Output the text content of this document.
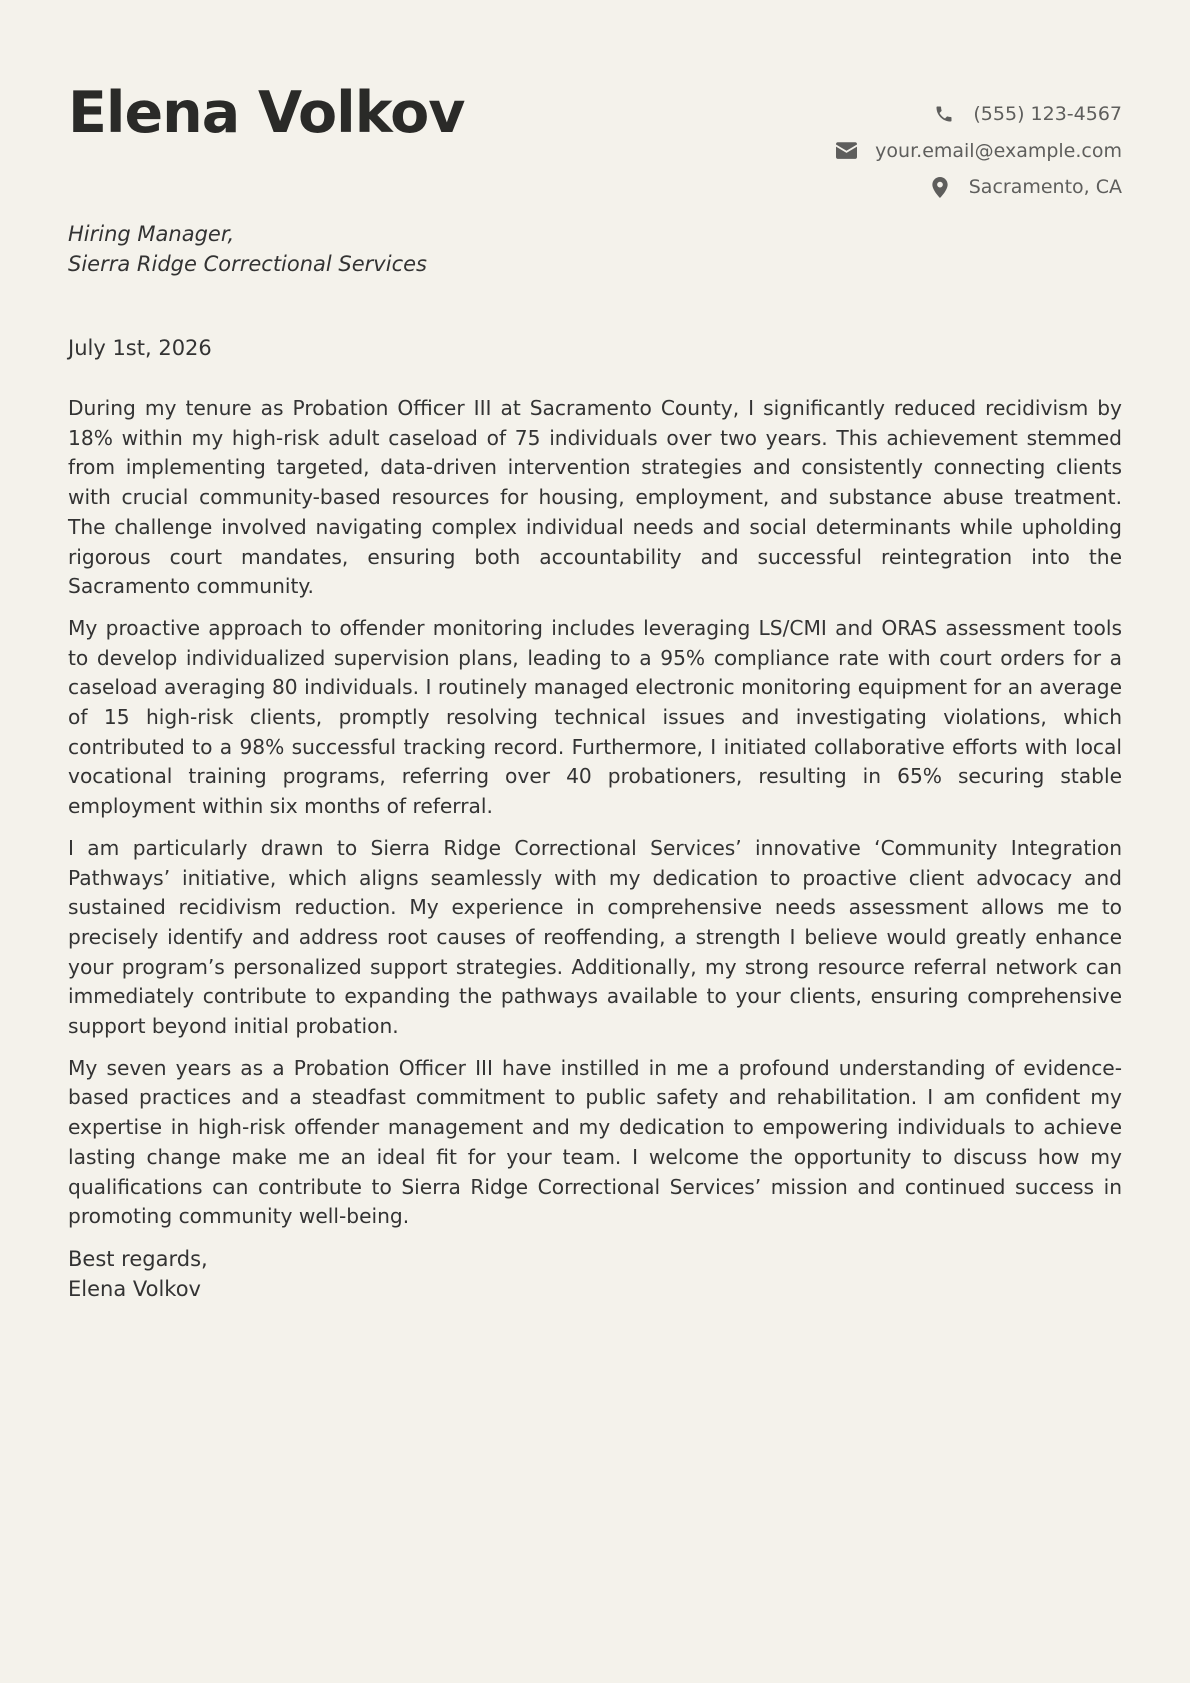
Elena Volkov	(555) 123-4567
your.email@example.com
Sacramento, CA
Hiring Manager,
Sierra Ridge Correctional Services
July 1st, 2026

During my tenure as Probation Officer III at Sacramento County, I significantly reduced recidivism by 18% within my high-risk adult caseload of 75 individuals over two years. This achievement stemmed from implementing targeted, data-driven intervention strategies and consistently connecting clients with crucial community-based resources for housing, employment, and substance abuse treatment. The challenge involved navigating complex individual needs and social determinants while upholding rigorous court mandates, ensuring both accountability and successful reintegration into the Sacramento community.

My proactive approach to offender monitoring includes leveraging LS/CMI and ORAS assessment tools to develop individualized supervision plans, leading to a 95% compliance rate with court orders for a caseload averaging 80 individuals. I routinely managed electronic monitoring equipment for an average of 15 high-risk clients, promptly resolving technical issues and investigating violations, which contributed to a 98% successful tracking record. Furthermore, I initiated collaborative efforts with local vocational training programs, referring over 40 probationers, resulting in 65% securing stable employment within six months of referral.

I am particularly drawn to Sierra Ridge Correctional Services’ innovative ‘Community Integration Pathways’ initiative, which aligns seamlessly with my dedication to proactive client advocacy and sustained recidivism reduction. My experience in comprehensive needs assessment allows me to precisely identify and address root causes of reoffending, a strength I believe would greatly enhance your program’s personalized support strategies. Additionally, my strong resource referral network can immediately contribute to expanding the pathways available to your clients, ensuring comprehensive support beyond initial probation.

My seven years as a Probation Officer III have instilled in me a profound understanding of evidence-based practices and a steadfast commitment to public safety and rehabilitation. I am confident my expertise in high-risk offender management and my dedication to empowering individuals to achieve lasting change make me an ideal fit for your team. I welcome the opportunity to discuss how my qualifications can contribute to Sierra Ridge Correctional Services’ mission and continued success in promoting community well-being.

Best regards,
Elena Volkov
